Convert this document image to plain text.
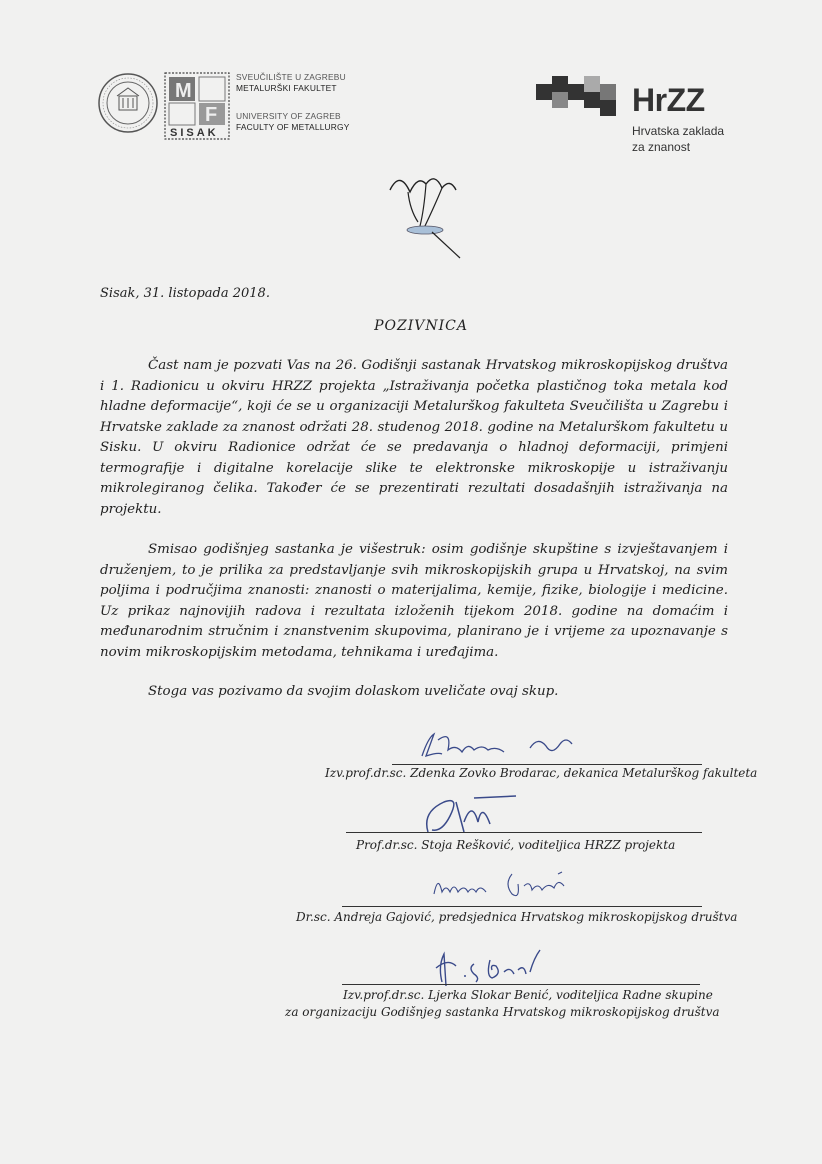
M
F
SISAK
SVEUČILIŠTE U ZAGREBU
METALURŠKI FAKULTET
UNIVERSITY OF ZAGREB
FACULTY OF METALLURGY
HrZZ
Hrvatska zaklada
za znanost
Sisak, 31. listopada 2018.
POZIVNICA

Čast nam je pozvati Vas na 26. Godišnji sastanak Hrvatskog mikroskopijskog društva i 1. Radionicu u okviru HRZZ projekta „Istraživanja početka plastičnog toka metala kod hladne deformacije“, koji će se u organizaciji Metalurškog fakulteta Sveučilišta u Zagrebu i Hrvatske zaklade za znanost održati 28. studenog 2018. godine na Metalurškom fakultetu u Sisku. U okviru Radionice održat će se predavanja o hladnoj deformaciji, primjeni termografije i digitalne korelacije slike te elektronske mikroskopije u istraživanju mikrolegiranog čelika. Također će se prezentirati rezultati dosadašnjih istraživanja na projektu.

Smisao godišnjeg sastanka je višestruk: osim godišnje skupštine s izvještavanjem i druženjem, to je prilika za predstavljanje svih mikroskopijskih grupa u Hrvatskoj, na svim poljima i područjima znanosti: znanosti o materijalima, kemije, fizike, biologije i medicine. Uz prikaz najnovijih radova i rezultata izloženih tijekom 2018. godine na domaćim i međunarodnim stručnim i znanstvenim skupovima, planirano je i vrijeme za upoznavanje s novim mikroskopijskim metodama, tehnikama i uređajima.

Stoga vas pozivamo da svojim dolaskom uveličate ovaj skup.

Izv.prof.dr.sc. Zdenka Zovko Brodarac, dekanica Metalurškog fakulteta
Prof.dr.sc. Stoja Rešković, voditeljica HRZZ projekta
Dr.sc. Andreja Gajović, predsjednica Hrvatskog mikroskopijskog društva
Izv.prof.dr.sc. Ljerka Slokar Benić, voditeljica Radne skupine
za organizaciju Godišnjeg sastanka Hrvatskog mikroskopijskog društva
